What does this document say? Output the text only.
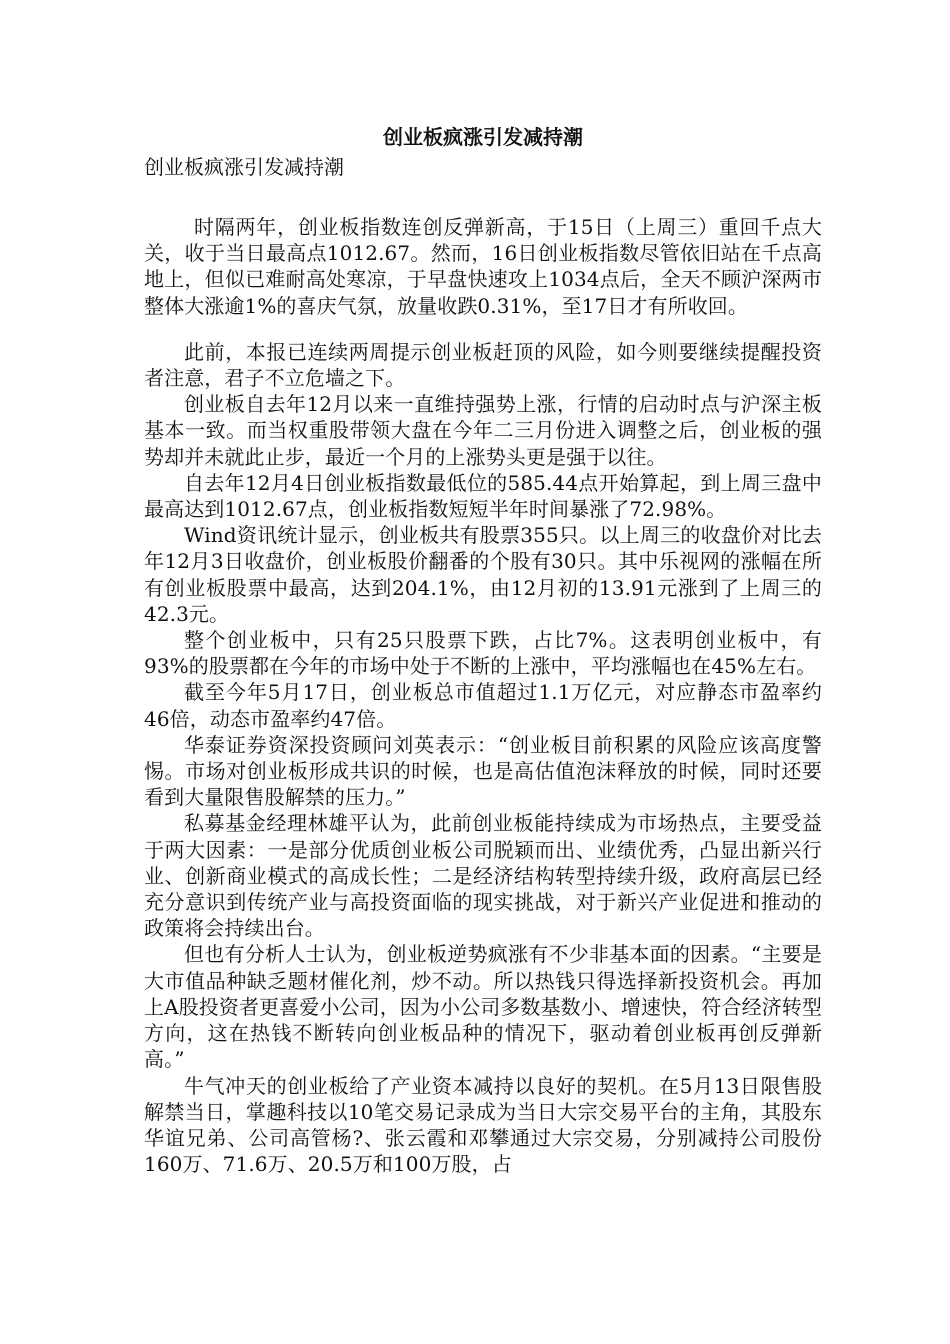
创业板疯涨引发减持潮

创业板疯涨引发减持潮

时隔两年，创业板指数连创反弹新高，于15日（上周三）重回千点大关，收于当日最高点1012.67。然而，16日创业板指数尽管依旧站在千点高地上，但似已难耐高处寒凉，于早盘快速攻上1034点后，全天不顾沪深两市整体大涨逾1%的喜庆气氛，放量收跌0.31%，至17日才有所收回。

此前，本报已连续两周提示创业板赶顶的风险，如今则要继续提醒投资者注意，君子不立危墙之下。

创业板自去年12月以来一直维持强势上涨，行情的启动时点与沪深主板基本一致。而当权重股带领大盘在今年二三月份进入调整之后，创业板的强势却并未就此止步，最近一个月的上涨势头更是强于以往。

自去年12月4日创业板指数最低位的585.44点开始算起，到上周三盘中最高达到1012.67点，创业板指数短短半年时间暴涨了72.98%。

Wind资讯统计显示，创业板共有股票355只。以上周三的收盘价对比去年12月3日收盘价，创业板股价翻番的个股有30只。其中乐视网的涨幅在所有创业板股票中最高，达到204.1%，由12月初的13.91元涨到了上周三的42.3元。

整个创业板中，只有25只股票下跌，占比7%。这表明创业板中，有93%的股票都在今年的市场中处于不断的上涨中，平均涨幅也在45%左右。

截至今年5月17日，创业板总市值超过1.1万亿元，对应静态市盈率约46倍，动态市盈率约47倍。

华泰证券资深投资顾问刘英表示：“创业板目前积累的风险应该高度警惕。市场对创业板形成共识的时候，也是高估值泡沫释放的时候，同时还要看到大量限售股解禁的压力。”

私募基金经理林雄平认为，此前创业板能持续成为市场热点，主要受益于两大因素：一是部分优质创业板公司脱颖而出、业绩优秀，凸显出新兴行业、创新商业模式的高成长性；二是经济结构转型持续升级，政府高层已经充分意识到传统产业与高投资面临的现实挑战，对于新兴产业促进和推动的政策将会持续出台。

但也有分析人士认为，创业板逆势疯涨有不少非基本面的因素。“主要是大市值品种缺乏题材催化剂，炒不动。所以热钱只得选择新投资机会。再加上A股投资者更喜爱小公司，因为小公司多数基数小、增速快，符合经济转型方向，这在热钱不断转向创业板品种的情况下，驱动着创业板再创反弹新高。”

牛气冲天的创业板给了产业资本减持以良好的契机。在5月13日限售股解禁当日，掌趣科技以10笔交易记录成为当日大宗交易平台的主角，其股东华谊兄弟、公司高管杨?、张云霞和邓攀通过大宗交易，分别减持公司股份160万、71.6万、20.5万和100万股，占
